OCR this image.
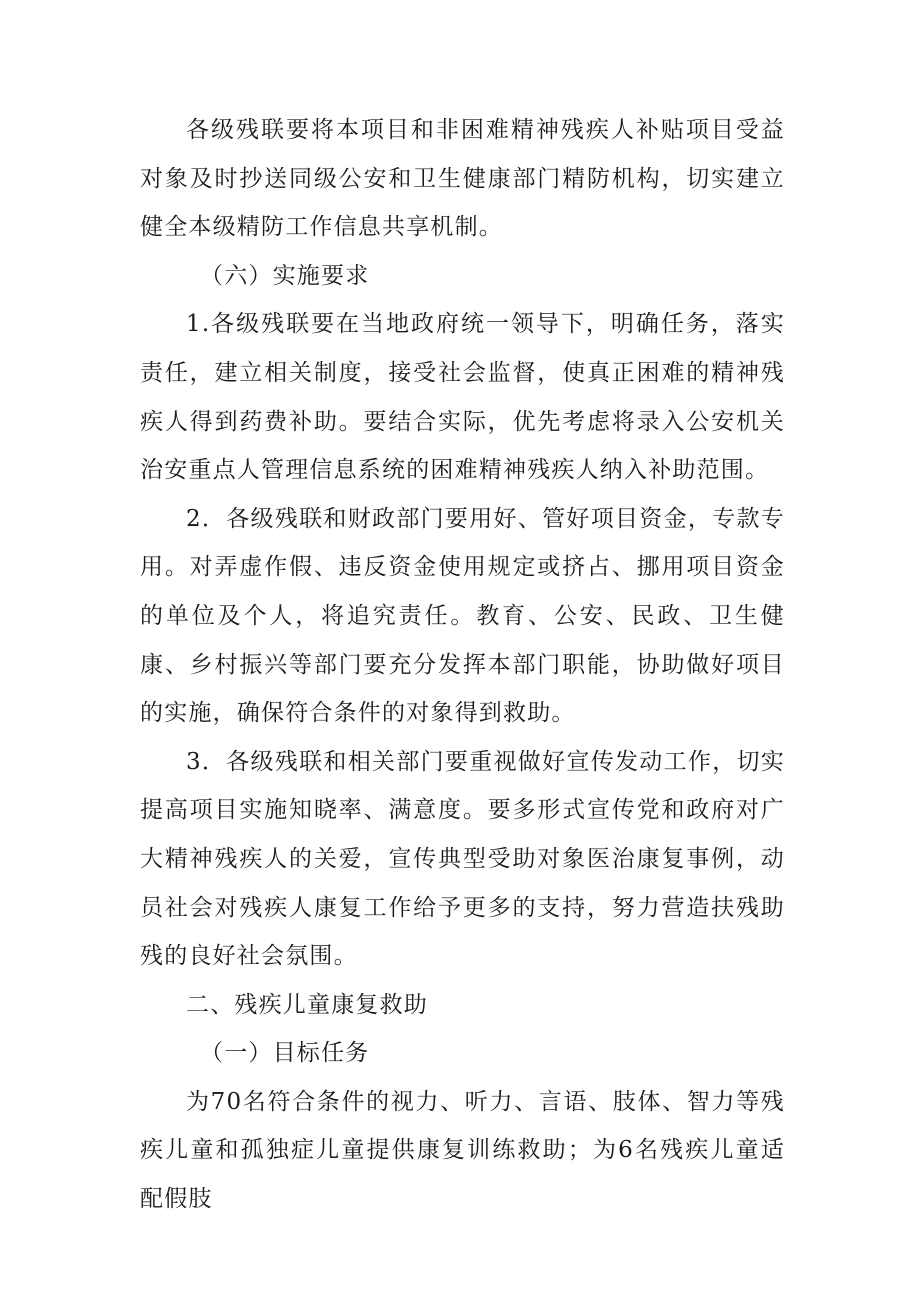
各级残联要将本项目和非困难精神残疾人补贴项目受益对象及时抄送同级公安和卫生健康部门精防机构，切实建立健全本级精防工作信息共享机制。

（六）实施要求

1.各级残联要在当地政府统一领导下，明确任务，落实责任，建立相关制度，接受社会监督，使真正困难的精神残疾人得到药费补助。要结合实际，优先考虑将录入公安机关治安重点人管理信息系统的困难精神残疾人纳入补助范围。

2．各级残联和财政部门要用好、管好项目资金，专款专用。对弄虚作假、违反资金使用规定或挤占、挪用项目资金的单位及个人，将追究责任。教育、公安、民政、卫生健康、乡村振兴等部门要充分发挥本部门职能，协助做好项目的实施，确保符合条件的对象得到救助。

3．各级残联和相关部门要重视做好宣传发动工作，切实提高项目实施知晓率、满意度。要多形式宣传党和政府对广大精神残疾人的关爱，宣传典型受助对象医治康复事例，动员社会对残疾人康复工作给予更多的支持，努力营造扶残助残的良好社会氛围。

二、残疾儿童康复救助

（一）目标任务

为70名符合条件的视力、听力、言语、肢体、智力等残疾儿童和孤独症儿童提供康复训练救助；为6名残疾儿童适配假肢
